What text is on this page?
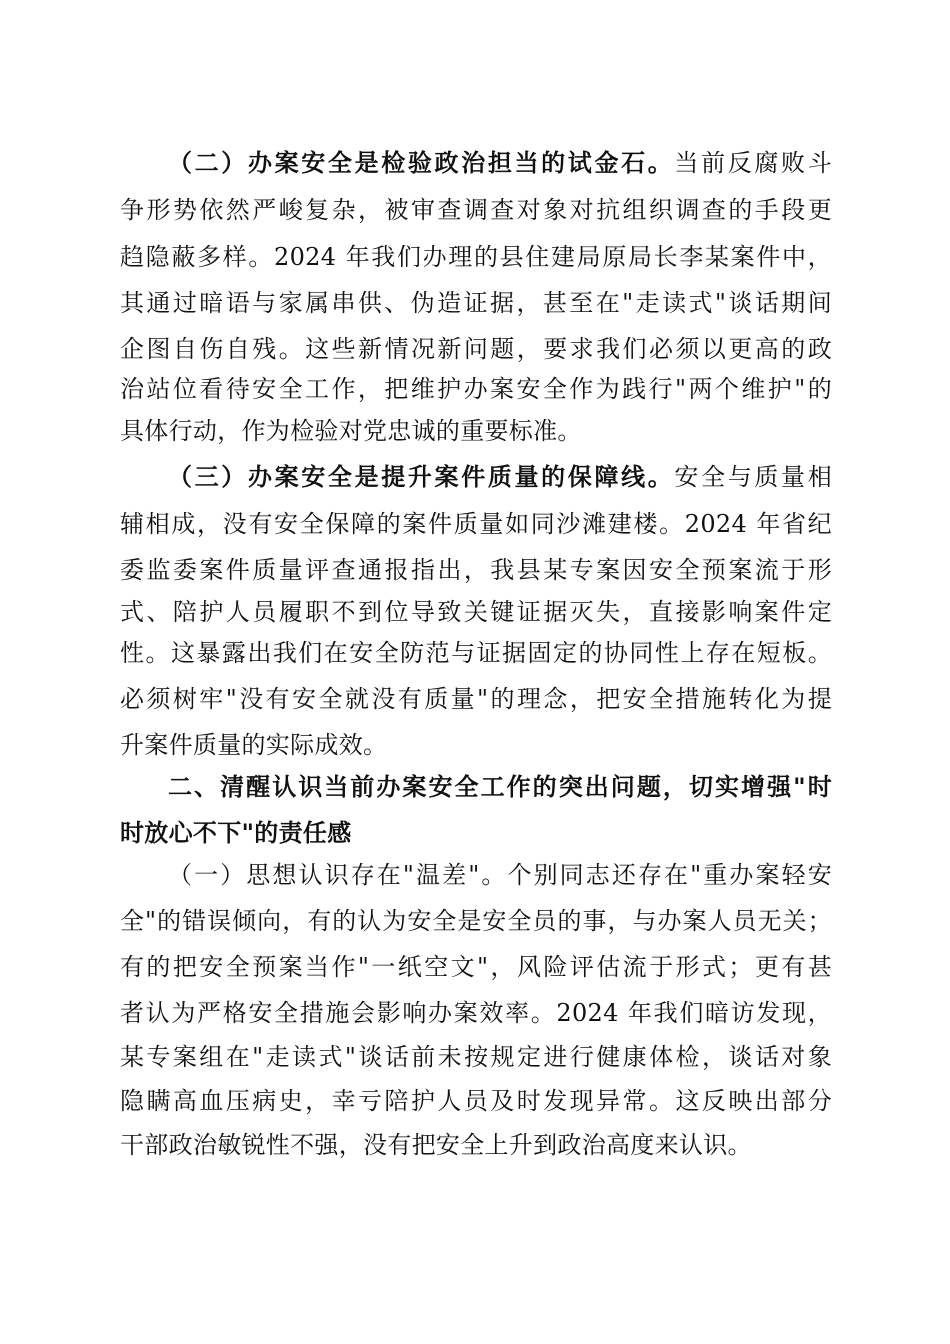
（二）办案安全是检验政治担当的试金石。当前反腐败斗
争形势依然严峻复杂，被审查调查对象对抗组织调查的手段更
趋隐蔽多样。2024 年我们办理的县住建局原局长李某案件中，
其通过暗语与家属串供、伪造证据，甚至在"走读式"谈话期间
企图自伤自残。这些新情况新问题，要求我们必须以更高的政
治站位看待安全工作，把维护办案安全作为践行"两个维护"的
具体行动，作为检验对党忠诚的重要标准。
（三）办案安全是提升案件质量的保障线。安全与质量相
辅相成，没有安全保障的案件质量如同沙滩建楼。2024 年省纪
委监委案件质量评查通报指出，我县某专案因安全预案流于形
式、陪护人员履职不到位导致关键证据灭失，直接影响案件定
性。这暴露出我们在安全防范与证据固定的协同性上存在短板。
必须树牢"没有安全就没有质量"的理念，把安全措施转化为提
升案件质量的实际成效。
二、清醒认识当前办案安全工作的突出问题，切实增强"时
时放心不下"的责任感
（一）思想认识存在"温差"。个别同志还存在"重办案轻安
全"的错误倾向，有的认为安全是安全员的事，与办案人员无关；
有的把安全预案当作"一纸空文"，风险评估流于形式；更有甚
者认为严格安全措施会影响办案效率。2024 年我们暗访发现，
某专案组在"走读式"谈话前未按规定进行健康体检，谈话对象
隐瞒高血压病史，幸亏陪护人员及时发现异常。这反映出部分
干部政治敏锐性不强，没有把安全上升到政治高度来认识。
